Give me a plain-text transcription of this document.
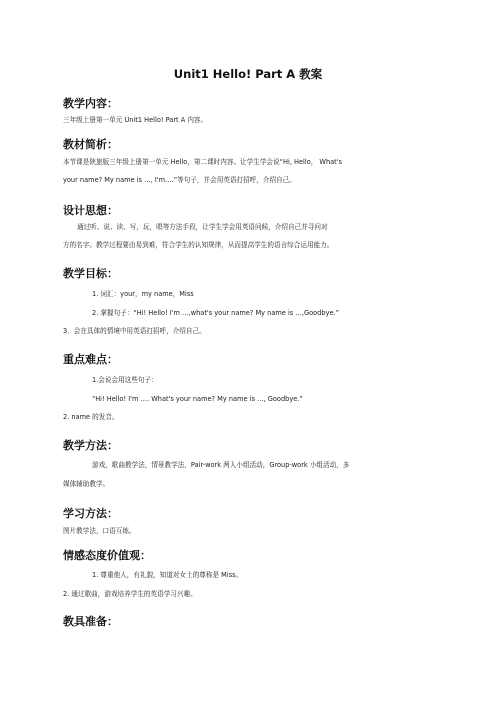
Unit1 Hello! Part A 教案
教学内容：
三年级上册第一单元 Unit1 Hello! Part A 内容。
教材简析：
本节课是陕旅版三年级上册第一单元 Hello，第二课时内容。让学生学会说“Hi, Hello， What's
your name? My name is …, I'm….”等句子，并会用英语打招呼，介绍自己。
设计思想：
通过听、说、读、写，玩，唱等方法手段，让学生学会用英语问候，介绍自己并寻问对
方的名字。教学过程要由易到难，符合学生的认知规律，从而提高学生的语言综合运用能力。
教学目标：
1. 词汇：your，my name，Miss
2. 掌握句子：“Hi! Hello! I'm …,what's your name? My name is …,Goodbye.”
3．会在具体的情境中用英语打招呼，介绍自己。
重点难点：
1.会说会用这些句子：
“Hi! Hello! I'm …. What's your name? My name is …, Goodbye.”
2. name 的发音。
教学方法：
游戏，歌曲教学法，情景教学法，Pair-work 两人小组活动，Group-work 小组活动，多
媒体辅助教学。
学习方法：
图片教学法，口语互练。
情感态度价值观：
1. 尊重他人，有礼貌，知道对女士的尊称是 Miss。
2. 通过歌曲，游戏培养学生的英语学习兴趣。
教具准备：
